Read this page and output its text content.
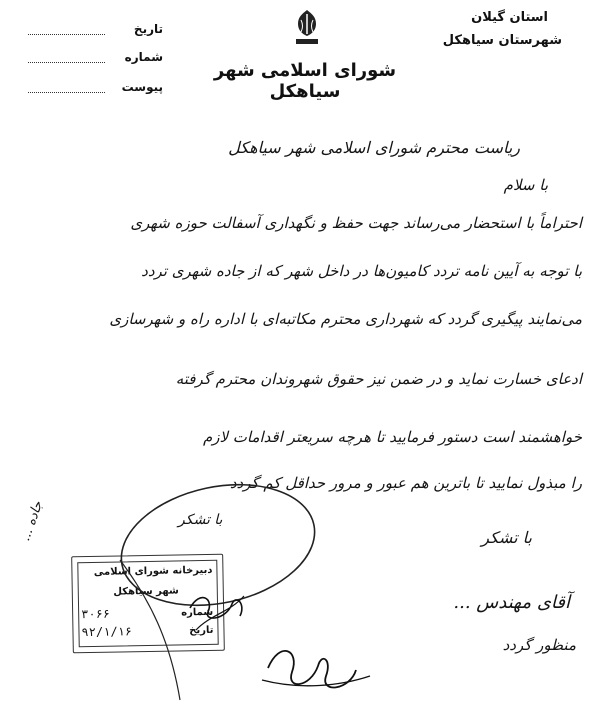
تاریخ
شماره
پیوست
استان گیلان
شهرستان سیاهکل
شورای اسلامی شهر سیاهکل
ریاست محترم شورای اسلامی شهر سیاهکل
با سلام
احتراماً با استحضار می‌رساند جهت حفظ و نگهداری آسفالت حوزه شهری
با توجه به آیین نامه تردد کامیون‌ها در داخل شهر که از جاده شهری تردد
می‌نمایند پیگیری گردد که شهرداری محترم مکاتبه‌ای با اداره راه و شهرسازی
ادعای خسارت نماید و در ضمن نیز حقوق شهروندان محترم گرفته
خواهشمند است دستور فرمایید تا هرچه سریعتر اقدامات لازم
را مبذول نمایید تا باترین هم عبور و مرور حداقل کم گردد
با تشکر
جاده ...	با تشکر
دبیرخانه شورای اسلامی
شهر سیاهکل
شماره
تاریخ
۳۰۶۶
۹۲/۱/۱۶
آقای مهندس ...
منظور گردد
